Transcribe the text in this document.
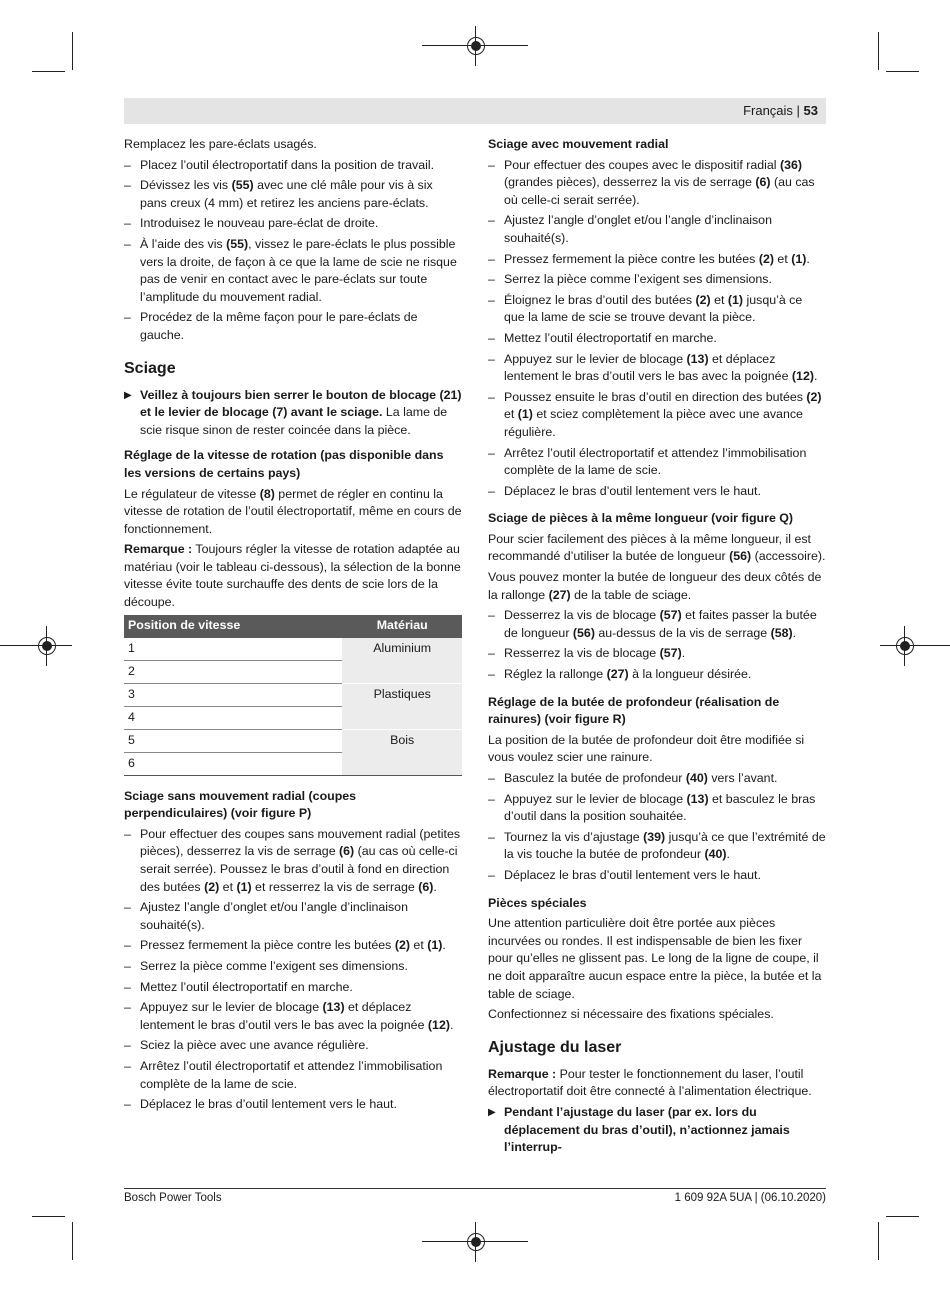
Français | 53

Remplacez les pare-éclats usagés.

– Placez l’outil électroportatif dans la position de travail.
– Dévissez les vis (55) avec une clé mâle pour vis à six pans creux (4 mm) et retirez les anciens pare-éclats.
– Introduisez le nouveau pare-éclat de droite.
– À l’aide des vis (55), vissez le pare-éclats le plus possible vers la droite, de façon à ce que la lame de scie ne risque pas de venir en contact avec le pare-éclats sur toute l’amplitude du mouvement radial.
– Procédez de la même façon pour le pare-éclats de gauche.
Sciage
▶ Veillez à toujours bien serrer le bouton de blocage (21) et le levier de blocage (7) avant le sciage. La lame de scie risque sinon de rester coincée dans la pièce.
Réglage de la vitesse de rotation (pas disponible dans les versions de certains pays)

Le régulateur de vitesse (8) permet de régler en continu la vitesse de rotation de l’outil électroportatif, même en cours de fonctionnement.

Remarque : Toujours régler la vitesse de rotation adaptée au matériau (voir le tableau ci-dessous), la sélection de la bonne vitesse évite toute surchauffe des dents de scie lors de la découpe.

Position de vitesse	Matériau
1	Aluminium
2	
3	Plastiques
4	
5	Bois
6	
Sciage sans mouvement radial (coupes perpendiculaires) (voir figure P)
– Pour effectuer des coupes sans mouvement radial (petites pièces), desserrez la vis de serrage (6) (au cas où celle-ci serait serrée). Poussez le bras d’outil à fond en direction des butées (2) et (1) et resserrez la vis de serrage (6).
– Ajustez l’angle d’onglet et/ou l’angle d’inclinaison souhaité(s).
– Pressez fermement la pièce contre les butées (2) et (1).
– Serrez la pièce comme l’exigent ses dimensions.
– Mettez l’outil électroportatif en marche.
– Appuyez sur le levier de blocage (13) et déplacez lentement le bras d’outil vers le bas avec la poignée (12).
– Sciez la pièce avec une avance régulière.
– Arrêtez l’outil électroportatif et attendez l’immobilisation complète de la lame de scie.
– Déplacez le bras d’outil lentement vers le haut.
Sciage avec mouvement radial
– Pour effectuer des coupes avec le dispositif radial (36) (grandes pièces), desserrez la vis de serrage (6) (au cas où celle-ci serait serrée).
– Ajustez l’angle d’onglet et/ou l’angle d’inclinaison souhaité(s).
– Pressez fermement la pièce contre les butées (2) et (1).
– Serrez la pièce comme l’exigent ses dimensions.
– Éloignez le bras d’outil des butées (2) et (1) jusqu’à ce que la lame de scie se trouve devant la pièce.
– Mettez l’outil électroportatif en marche.
– Appuyez sur le levier de blocage (13) et déplacez lentement le bras d’outil vers le bas avec la poignée (12).
– Poussez ensuite le bras d’outil en direction des butées (2) et (1) et sciez complètement la pièce avec une avance régulière.
– Arrêtez l’outil électroportatif et attendez l’immobilisation complète de la lame de scie.
– Déplacez le bras d’outil lentement vers le haut.
Sciage de pièces à la même longueur (voir figure Q)

Pour scier facilement des pièces à la même longueur, il est recommandé d’utiliser la butée de longueur (56) (accessoire).

Vous pouvez monter la butée de longueur des deux côtés de la rallonge (27) de la table de sciage.

– Desserrez la vis de blocage (57) et faites passer la butée de longueur (56) au-dessus de la vis de serrage (58).
– Resserrez la vis de blocage (57).
– Réglez la rallonge (27) à la longueur désirée.
Réglage de la butée de profondeur (réalisation de rainures) (voir figure R)

La position de la butée de profondeur doit être modifiée si vous voulez scier une rainure.

– Basculez la butée de profondeur (40) vers l’avant.
– Appuyez sur le levier de blocage (13) et basculez le bras d’outil dans la position souhaitée.
– Tournez la vis d’ajustage (39) jusqu’à ce que l’extrémité de la vis touche la butée de profondeur (40).
– Déplacez le bras d’outil lentement vers le haut.
Pièces spéciales

Une attention particulière doit être portée aux pièces incurvées ou rondes. Il est indispensable de bien les fixer pour qu’elles ne glissent pas. Le long de la ligne de coupe, il ne doit apparaître aucun espace entre la pièce, la butée et la table de sciage.

Confectionnez si nécessaire des fixations spéciales.

Ajustage du laser

Remarque : Pour tester le fonctionnement du laser, l’outil électroportatif doit être connecté à l’alimentation électrique.

▶ Pendant l’ajustage du laser (par ex. lors du déplacement du bras d’outil), n’actionnez jamais l’interrup-
Bosch Power Tools	1 609 92A 5UA | (06.10.2020)
